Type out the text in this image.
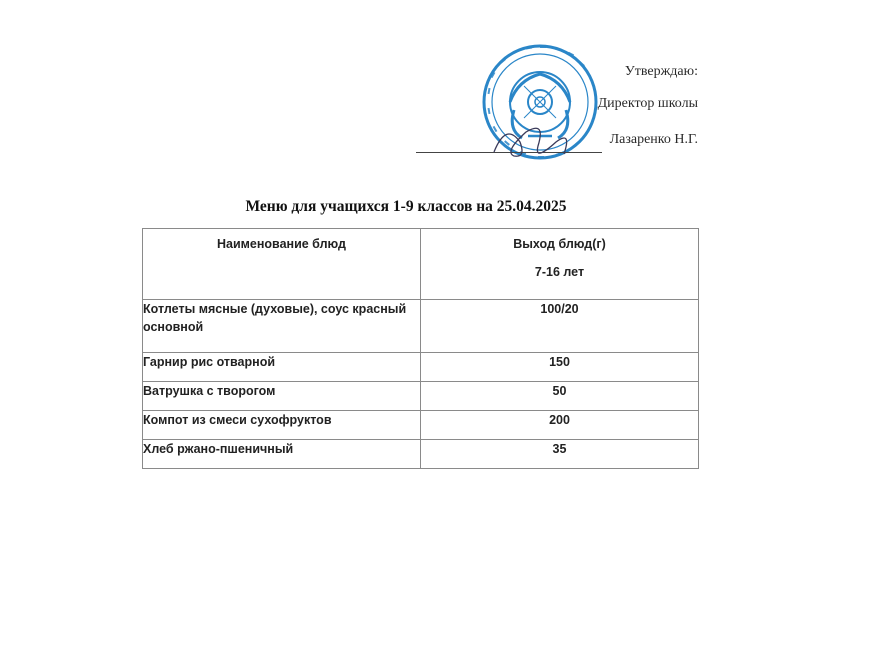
Утверждаю:
Директор школы
Лазаренко Н.Г.
Меню для учащихся 1-9 классов на 25.04.2025
Наименование блюд	Выход блюд(г)
7-16 лет

Котлеты мясные (духовые), соус красный основной	100/20
Гарнир рис отварной	150
Ватрушка с творогом	50
Компот из смеси сухофруктов	200
Хлеб ржано-пшеничный	35
